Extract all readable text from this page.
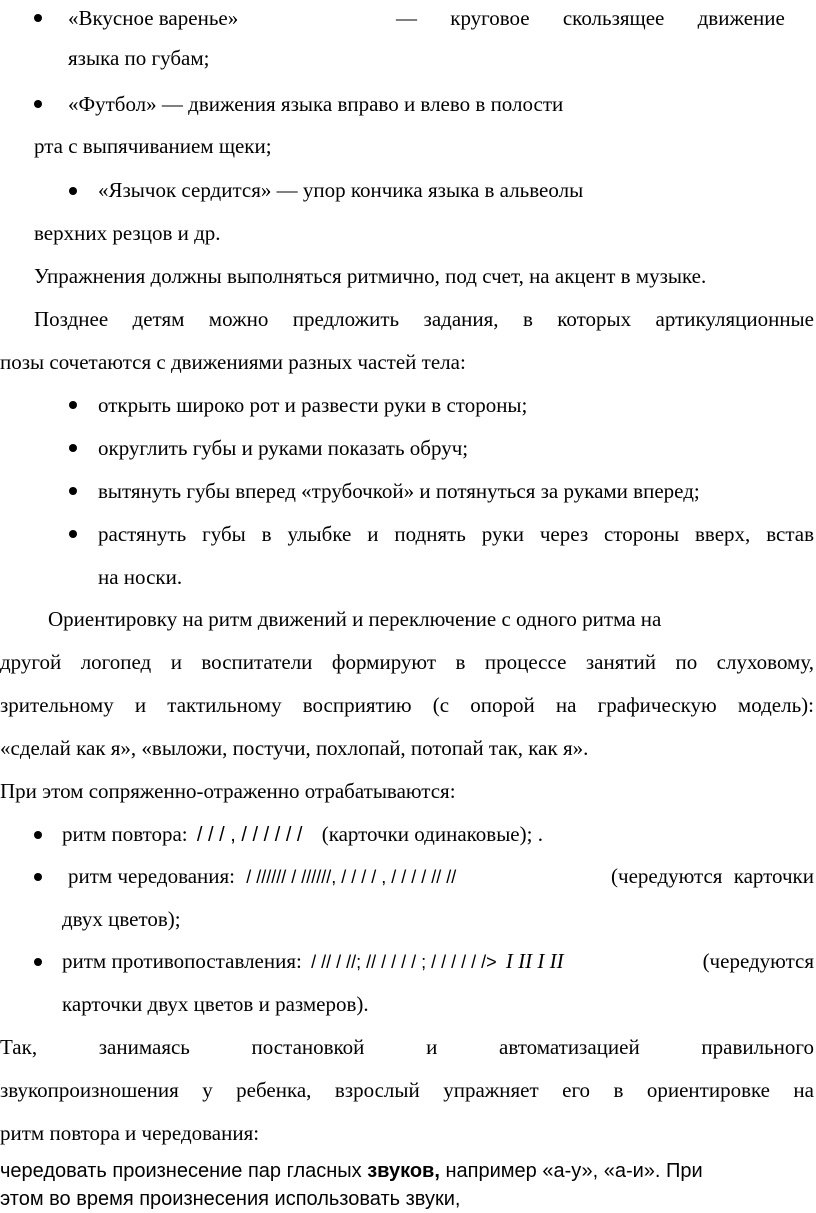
«Вкусное варенье»	— круговое скользящее движение
языка по губам;
«Футбол» — движения языка вправо и влево в полости
рта с выпячиванием щеки;
«Язычок сердится» — упор кончика языка в альвеолы
верхних резцов и др.
Упражнения должны выполняться ритмично, под счет, на акцент в музыке.
Позднее детям можно предложить задания, в которых артикуляционные
позы сочетаются с движениями разных частей тела:
открыть широко рот и развести руки в стороны;
округлить губы и руками показать обруч;
вытянуть губы вперед «трубочкой» и потянуться за руками вперед;
растянуть губы в улыбке и поднять руки через стороны вверх, встав
на носки.
Ориентировку на ритм движений и переключение с одного ритма на
другой логопед и воспитатели формируют в процессе занятий по слуховому,
зрительному и тактильному восприятию (с опорой на графическую модель):
«сделай как я», «выложи, постучи, похлопай, потопай так, как я».
При этом сопряженно-отраженно отрабатываются:
ритм повтора: / / / , / / / / / / (карточки одинаковые); .
ритм чередования: / ////// / //////, / / / / , / / / / // //	(чередуются карточки
двух цветов);
ритм противопоставления: / // / //; // / / / / ; / / / / / /> I II I II	(чередуются
карточки двух цветов и размеров).
Так, занимаясь постановкой и автоматизацией правильного
звукопроизношения у ребенка, взрослый упражняет его в ориентировке на
ритм повтора и чередования:
чередовать произнесение пар гласных звуков, например «а-у», «а-и». При
этом во время произнесения использовать звуки,
